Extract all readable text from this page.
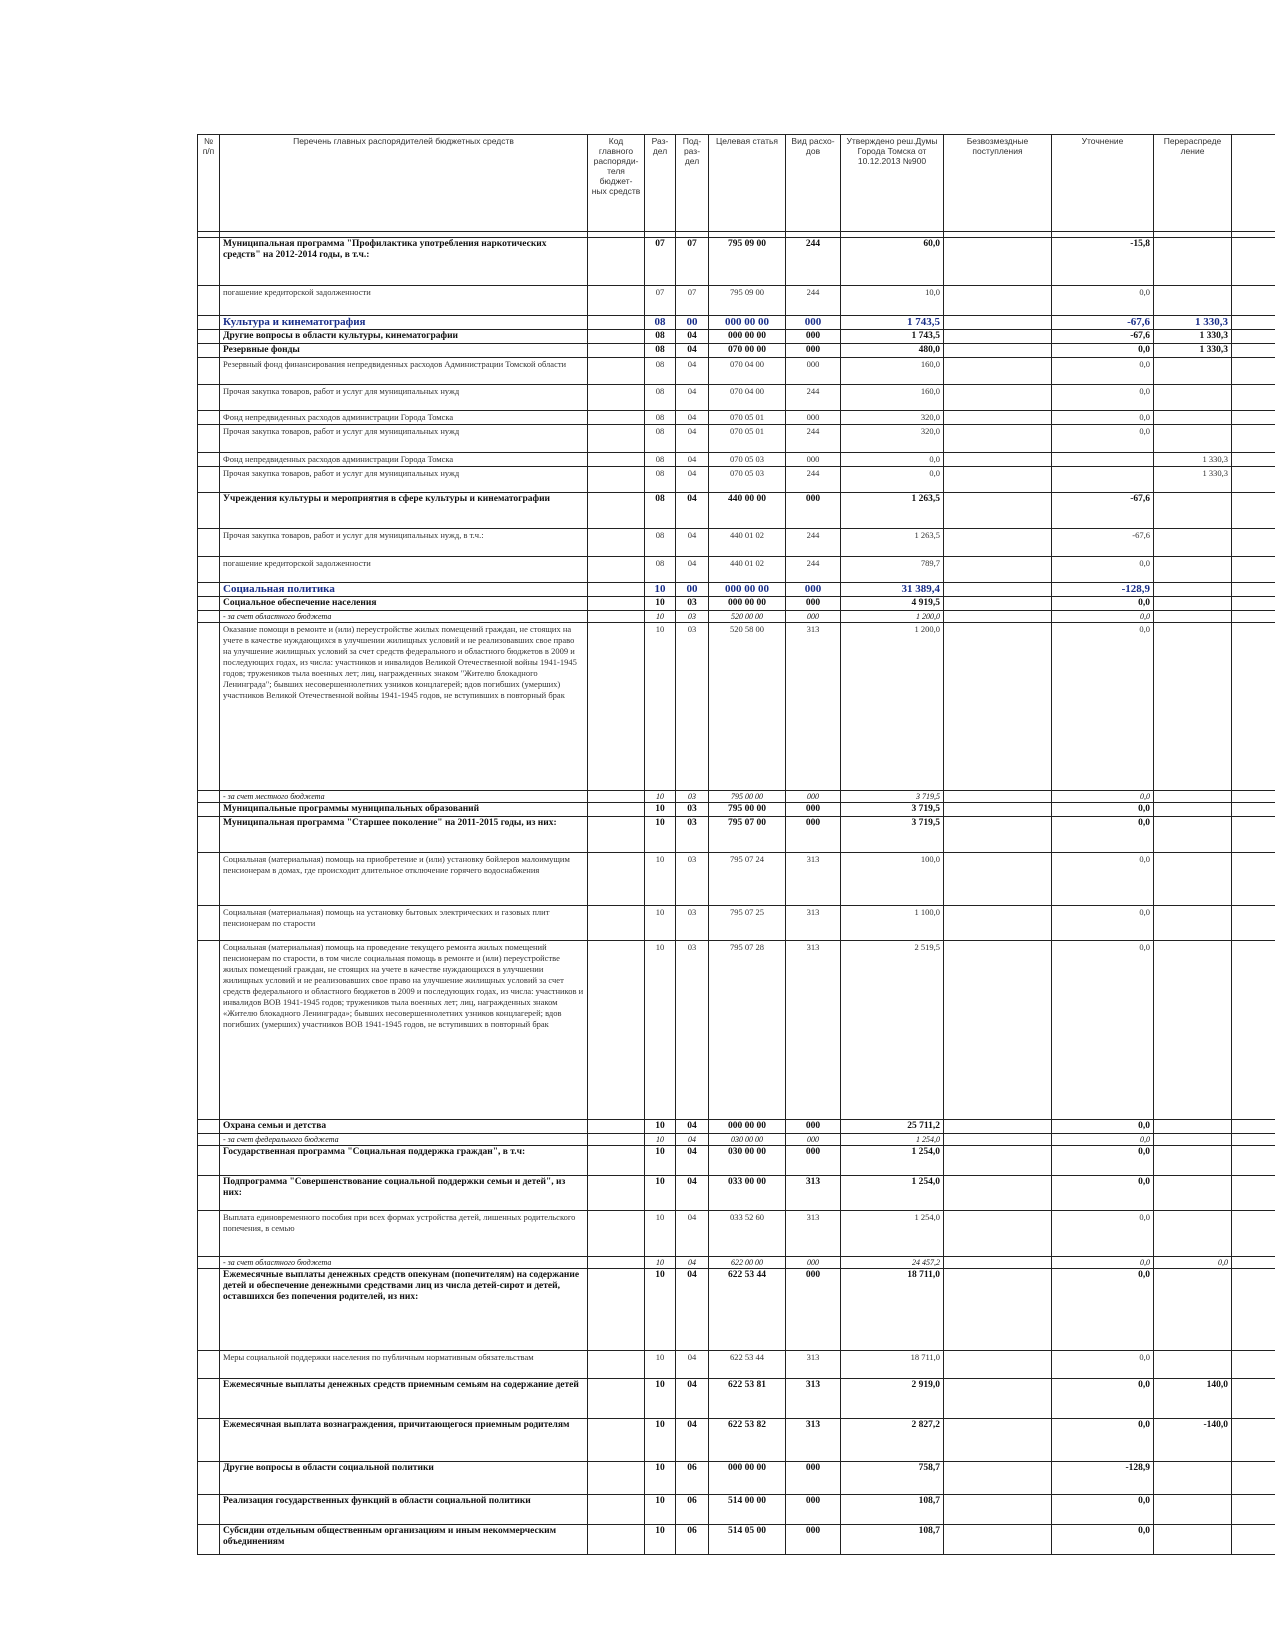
№ п/п	Перечень главных распорядителей бюджетных средств	Код главного распоряди- теля бюджет- ных средств	Раз- дел	Под- раз- дел	Целевая статья	Вид расхо- дов	Утверждено реш.Думы Города Томска от 10.12.2013 №900	Безвозмездные поступления	Уточнение	Перераспреде ление	

	Муниципальная программа "Профилактика употребления наркотических средств" на 2012-2014 годы, в т.ч.:		07	07	795 09 00	244	60,0		-15,8		
	погашение кредиторской задолженности		07	07	795 09 00	244	10,0		0,0		
	Культура и кинематография		08	00	000 00 00	000	1 743,5		-67,6	1 330,3	
	Другие вопросы в области культуры, кинематографии		08	04	000 00 00	000	1 743,5		-67,6	1 330,3	
	Резервные фонды		08	04	070 00 00	000	480,0		0,0	1 330,3	
	Резервный фонд финансирования непредвиденных расходов Администрации Томской области		08	04	070 04 00	000	160,0		0,0		
	Прочая закупка товаров, работ и услуг для муниципальных нужд		08	04	070 04 00	244	160,0		0,0		
	Фонд непредвиденных расходов администрации Города Томска		08	04	070 05 01	000	320,0		0,0		
	Прочая закупка товаров, работ и услуг для муниципальных нужд		08	04	070 05 01	244	320,0		0,0		
	Фонд непредвиденных расходов администрации Города Томска		08	04	070 05 03	000	0,0			1 330,3	
	Прочая закупка товаров, работ и услуг для муниципальных нужд		08	04	070 05 03	244	0,0			1 330,3	
	Учреждения культуры и мероприятия в сфере культуры и кинематографии		08	04	440 00 00	000	1 263,5		-67,6		
	Прочая закупка товаров, работ и услуг для муниципальных нужд, в т.ч.:		08	04	440 01 02	244	1 263,5		-67,6		
	погашение кредиторской задолженности		08	04	440 01 02	244	789,7		0,0		
	Социальная политика		10	00	000 00 00	000	31 389,4		-128,9		
	Социальное обеспечение населения		10	03	000 00 00	000	4 919,5		0,0		
	- за счет областного бюджета		10	03	520 00 00	000	1 200,0		0,0		
	Оказание помощи в ремонте и (или) переустройстве жилых помещений граждан, не стоящих на учете в качестве нуждающихся в улучшении жилищных условий и не реализовавших свое право на улучшение жилищных условий за счет средств федерального и областного бюджетов в 2009 и последующих годах, из числа: участников и инвалидов Великой Отечественной войны 1941-1945 годов; тружеников тыла военных лет; лиц, награжденных знаком "Жителю блокадного Ленинграда"; бывших несовершеннолетних узников концлагерей; вдов погибших (умерших) участников Великой Отечественной войны 1941-1945 годов, не вступивших в повторный брак		10	03	520 58 00	313	1 200,0		0,0		
	- за счет местного бюджета		10	03	795 00 00	000	3 719,5		0,0		
	Муниципальные программы муниципальных образований		10	03	795 00 00	000	3 719,5		0,0		
	Муниципальная программа "Старшее поколение" на 2011-2015 годы, из них:		10	03	795 07 00	000	3 719,5		0,0		
	Социальная (материальная) помощь на приобретение и (или) установку бойлеров малоимущим пенсионерам в домах, где происходит длительное отключение горячего водоснабжения		10	03	795 07 24	313	100,0		0,0		
	Социальная (материальная) помощь на установку бытовых электрических и газовых плит пенсионерам по старости		10	03	795 07 25	313	1 100,0		0,0		
	Социальная (материальная) помощь на проведение текущего ремонта жилых помещений пенсионерам по старости, в том числе социальная помощь в ремонте и (или) переустройстве жилых помещений граждан, не стоящих на учете в качестве нуждающихся в улучшении жилищных условий и не реализовавших свое право на улучшение жилищных условий за счет средств федерального и областного бюджетов в 2009 и последующих годах, из числа: участников и инвалидов ВОВ 1941-1945 годов; тружеников тыла военных лет; лиц, награжденных знаком «Жителю блокадного Ленинграда»; бывших несовершеннолетних узников концлагерей; вдов погибших (умерших) участников ВОВ 1941-1945 годов, не вступивших в повторный брак		10	03	795 07 28	313	2 519,5		0,0		
	Охрана семьи и детства		10	04	000 00 00	000	25 711,2		0,0		
	- за счет федерального бюджета		10	04	030 00 00	000	1 254,0		0,0		
	Государственная программа "Социальная поддержка граждан", в т.ч:		10	04	030 00 00	000	1 254,0		0,0		
	Подпрограмма "Совершенствование социальной поддержки семьи и детей", из них:		10	04	033 00 00	313	1 254,0		0,0		
	Выплата единовременного пособия при всех формах устройства детей, лишенных родительского попечения, в семью		10	04	033 52 60	313	1 254,0		0,0		
	- за счет областного бюджета		10	04	622 00 00	000	24 457,2		0,0	0,0	
	Ежемесячные выплаты денежных средств опекунам (попечителям) на содержание детей и обеспечение денежными средствами лиц из числа детей-сирот и детей, оставшихся без попечения родителей, из них:		10	04	622 53 44	000	18 711,0		0,0		
	Меры социальной поддержки населения по публичным нормативным обязательствам		10	04	622 53 44	313	18 711,0		0,0		
	Ежемесячные выплаты денежных средств приемным семьям на содержание детей		10	04	622 53 81	313	2 919,0		0,0	140,0	
	Ежемесячная выплата вознаграждения, причитающегося приемным родителям		10	04	622 53 82	313	2 827,2		0,0	-140,0	
	Другие вопросы в области социальной политики		10	06	000 00 00	000	758,7		-128,9		
	Реализация государственных функций в области социальной политики		10	06	514 00 00	000	108,7		0,0		
	Субсидии отдельным общественным организациям и иным некоммерческим объединениям		10	06	514 05 00	000	108,7		0,0		
